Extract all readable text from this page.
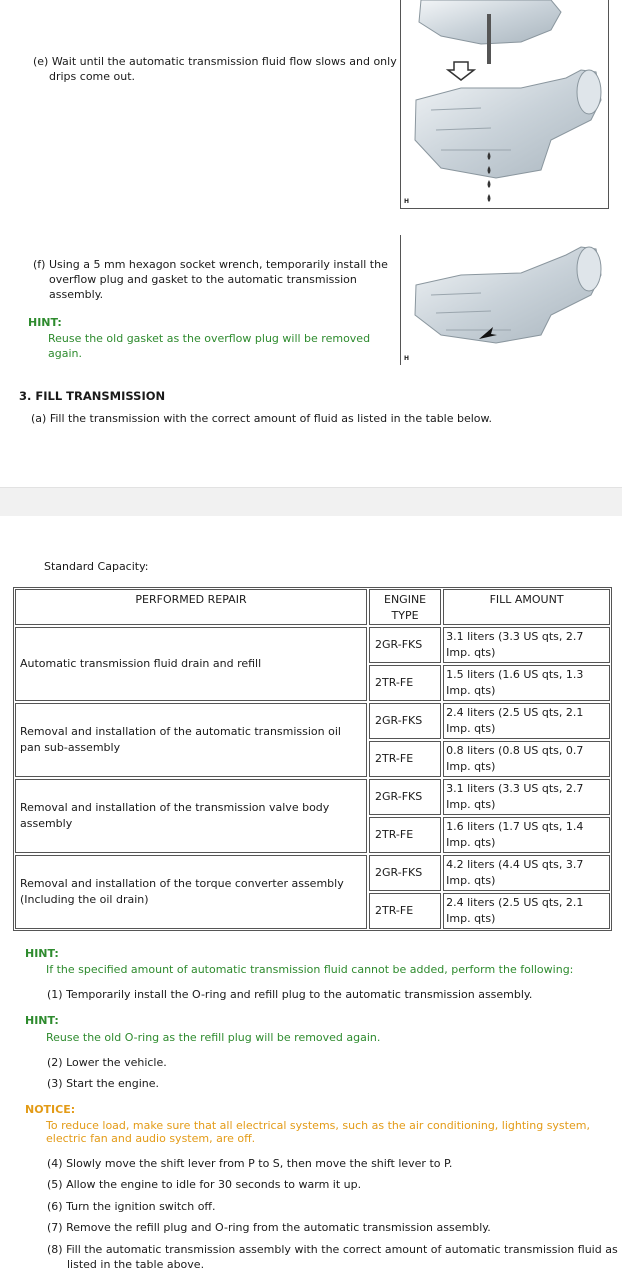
(e) Wait until the automatic transmission fluid flow slows and only drips come out.
H
(f) Using a 5 mm hexagon socket wrench, temporarily install the overflow plug and gasket to the automatic transmission assembly.
HINT:
Reuse the old gasket as the overflow plug will be removed again.	H
3. FILL TRANSMISSION
(a) Fill the transmission with the correct amount of fluid as listed in the table below.
Standard Capacity:
PERFORMED REPAIR	ENGINE TYPE	FILL AMOUNT

Automatic transmission fluid drain and refill	2GR-FKS	3.1 liters (3.3 US qts, 2.7 Imp. qts)

	2TR-FE	1.5 liters (1.6 US qts, 1.3 Imp. qts)

Removal and installation of the automatic transmission oil pan sub-assembly	2GR-FKS	2.4 liters (2.5 US qts, 2.1 Imp. qts)

	2TR-FE	0.8 liters (0.8 US qts, 0.7 Imp. qts)

Removal and installation of the transmission valve body assembly	2GR-FKS	3.1 liters (3.3 US qts, 2.7 Imp. qts)

	2TR-FE	1.6 liters (1.7 US qts, 1.4 Imp. qts)

Removal and installation of the torque converter assembly (Including the oil drain)	2GR-FKS	4.2 liters (4.4 US qts, 3.7 Imp. qts)

	2TR-FE	2.4 liters (2.5 US qts, 2.1 Imp. qts)
HINT:
If the specified amount of automatic transmission fluid cannot be added, perform the following:
(1) Temporarily install the O-ring and refill plug to the automatic transmission assembly.
HINT:
Reuse the old O-ring as the refill plug will be removed again.
(2) Lower the vehicle.
(3) Start the engine.
NOTICE:
To reduce load, make sure that all electrical systems, such as the air conditioning, lighting system, electric fan and audio system, are off.
(4) Slowly move the shift lever from P to S, then move the shift lever to P.
(5) Allow the engine to idle for 30 seconds to warm it up.
(6) Turn the ignition switch off.
(7) Remove the refill plug and O-ring from the automatic transmission assembly.
(8) Fill the automatic transmission assembly with the correct amount of automatic transmission fluid as listed in the table above.
